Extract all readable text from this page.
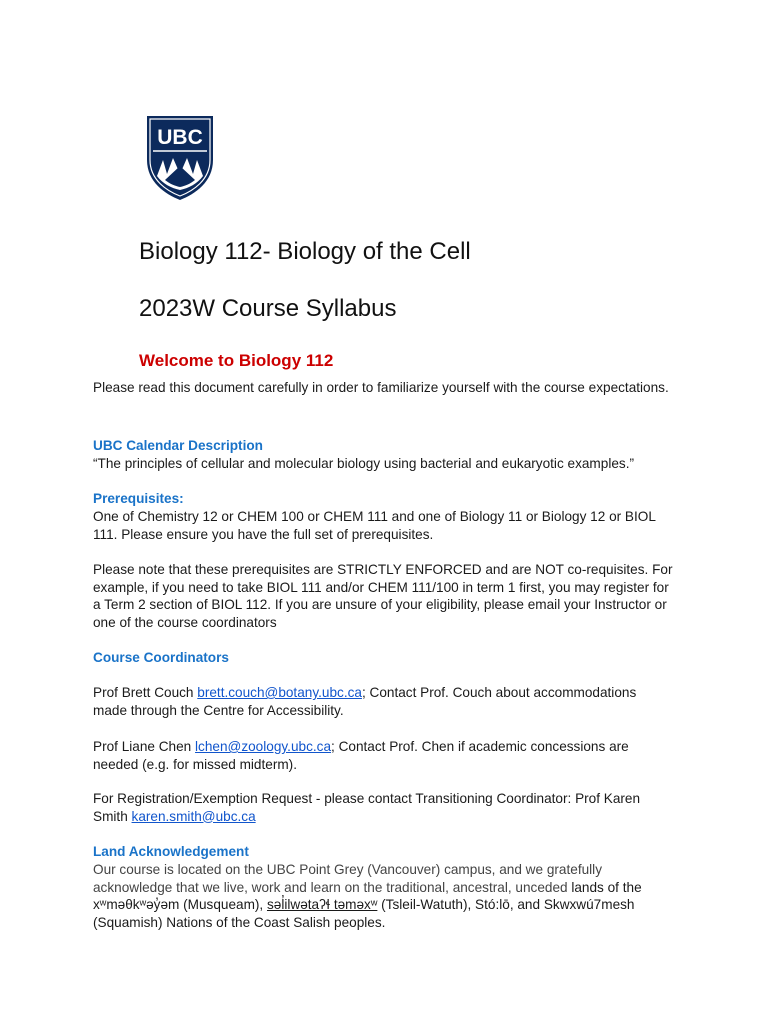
UBC
Biology 112- Biology of the Cell
2023W Course Syllabus
Welcome to Biology 112
Please read this document carefully in order to familiarize yourself with the course expectations.
UBC Calendar Description
“The principles of cellular and molecular biology using bacterial and eukaryotic examples.”
Prerequisites:
One of Chemistry 12 or CHEM 100 or CHEM 111 and one of Biology 11 or Biology 12 or BIOL 111. Please ensure you have the full set of prerequisites.
Please note that these prerequisites are STRICTLY ENFORCED and are NOT co-requisites. For example, if you need to take BIOL 111 and/or CHEM 111/100 in term 1 first, you may register for a Term 2 section of BIOL 112. If you are unsure of your eligibility, please email your Instructor or one of the course coordinators
Course Coordinators
Prof Brett Couch brett.couch@botany.ubc.ca; Contact Prof. Couch about accommodations made through the Centre for Accessibility.
Prof Liane Chen lchen@zoology.ubc.ca; Contact Prof. Chen if academic concessions are needed (e.g. for missed midterm).
For Registration/Exemption Request - please contact Transitioning Coordinator: Prof Karen Smith karen.smith@ubc.ca
Land Acknowledgement
Our course is located on the UBC Point Grey (Vancouver) campus, and we gratefully acknowledge that we live, work and learn on the traditional, ancestral, unceded lands of the xʷməθkʷəy̓əm (Musqueam), səl̓ilwətaʔɬ təməxʷ (Tsleil-Watuth), Stó:lō, and Skwxwú7mesh (Squamish) Nations of the Coast Salish peoples.
